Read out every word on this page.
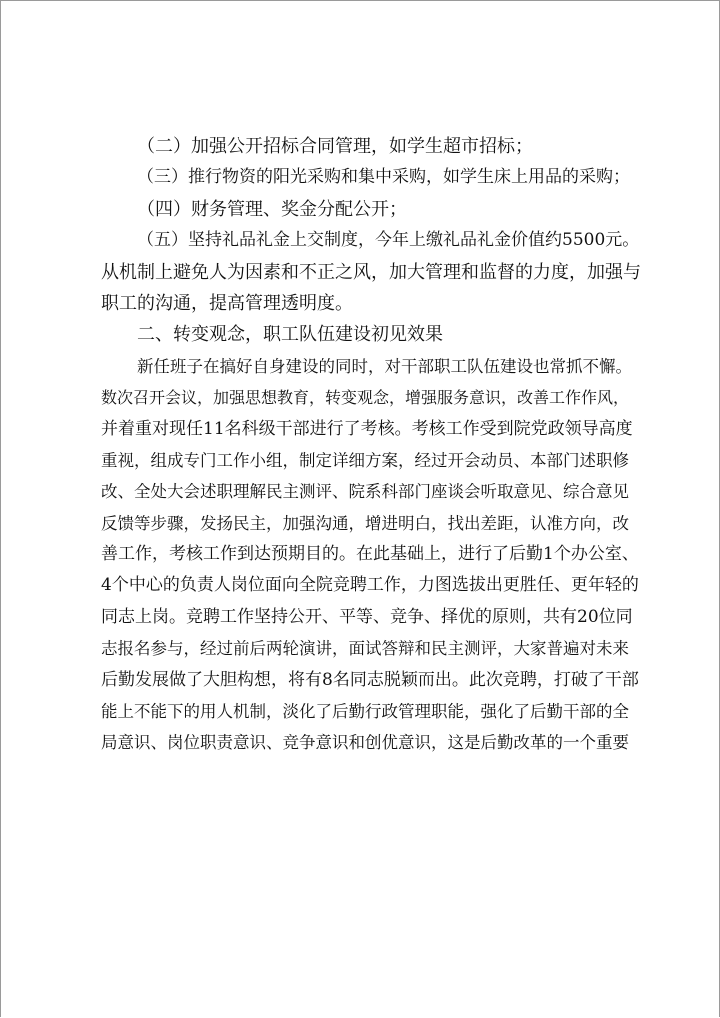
（二）加强公开招标合同管理，如学生超市招标；
（三）推行物资的阳光采购和集中采购，如学生床上用品的采购；
（四）财务管理、奖金分配公开；
（五）坚持礼品礼金上交制度，今年上缴礼品礼金价值约5500元。
从机制上避免人为因素和不正之风，加大管理和监督的力度，加强与
职工的沟通，提高管理透明度。
二、转变观念，职工队伍建设初见效果
新任班子在搞好自身建设的同时，对干部职工队伍建设也常抓不懈。
数次召开会议，加强思想教育，转变观念，增强服务意识，改善工作作风，
并着重对现任11名科级干部进行了考核。考核工作受到院党政领导高度
重视，组成专门工作小组，制定详细方案，经过开会动员、本部门述职修
改、全处大会述职理解民主测评、院系科部门座谈会听取意见、综合意见
反馈等步骤，发扬民主，加强沟通，增进明白，找出差距，认准方向，改
善工作，考核工作到达预期目的。在此基础上，进行了后勤1个办公室、
4个中心的负责人岗位面向全院竞聘工作，力图选拔出更胜任、更年轻的
同志上岗。竞聘工作坚持公开、平等、竞争、择优的原则，共有20位同
志报名参与，经过前后两轮演讲，面试答辩和民主测评，大家普遍对未来
后勤发展做了大胆构想，将有8名同志脱颖而出。此次竞聘，打破了干部
能上不能下的用人机制，淡化了后勤行政管理职能，强化了后勤干部的全
局意识、岗位职责意识、竞争意识和创优意识，这是后勤改革的一个重要
